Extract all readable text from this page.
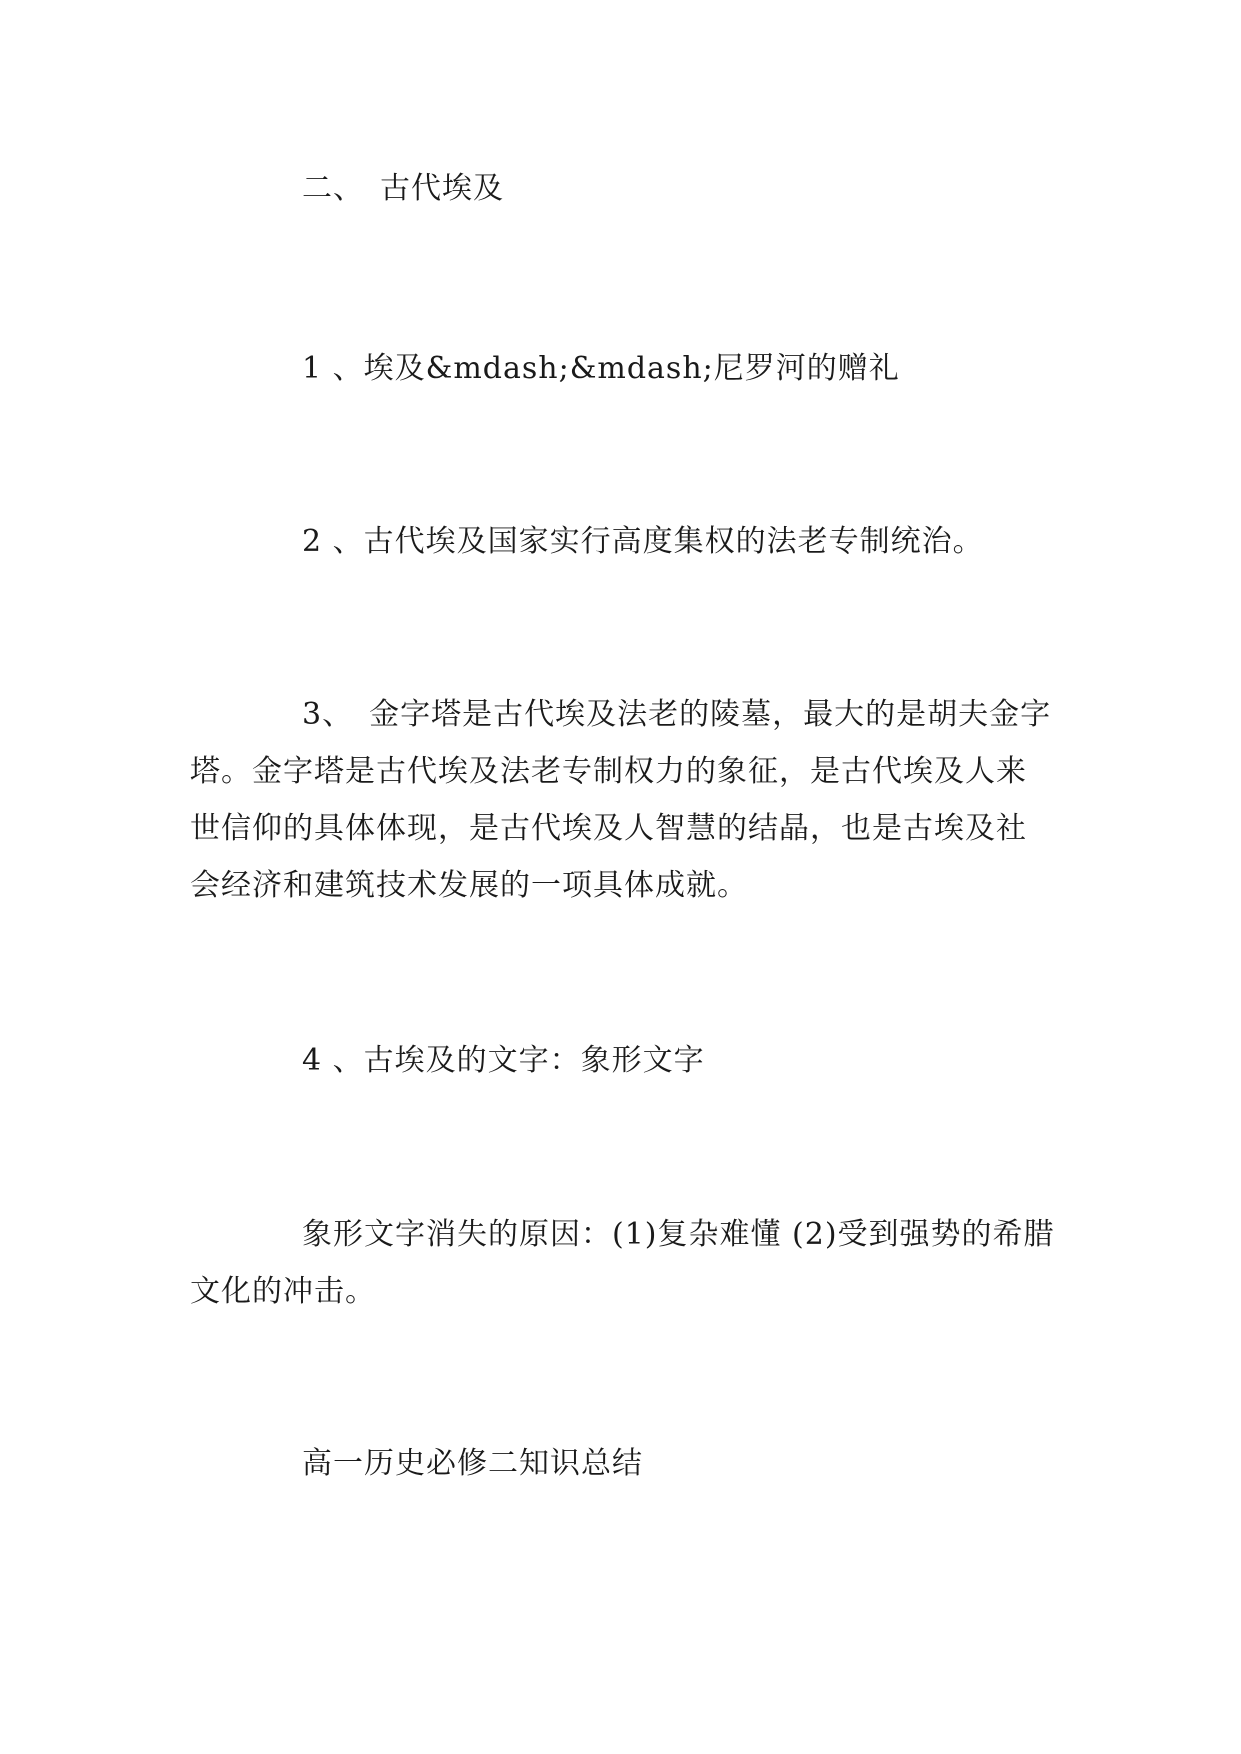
二、　古代埃及

1 、埃及&mdash;&mdash;尼罗河的赠礼

2 、古代埃及国家实行高度集权的法老专制统治。

3、　金字塔是古代埃及法老的陵墓，最大的是胡夫金字塔。金字塔是古代埃及法老专制权力的象征，是古代埃及人来世信仰的具体体现，是古代埃及人智慧的结晶，也是古埃及社会经济和建筑技术发展的一项具体成就。

4 、古埃及的文字：象形文字

象形文字消失的原因：(1)复杂难懂 (2)受到强势的希腊文化的冲击。

高一历史必修二知识总结
